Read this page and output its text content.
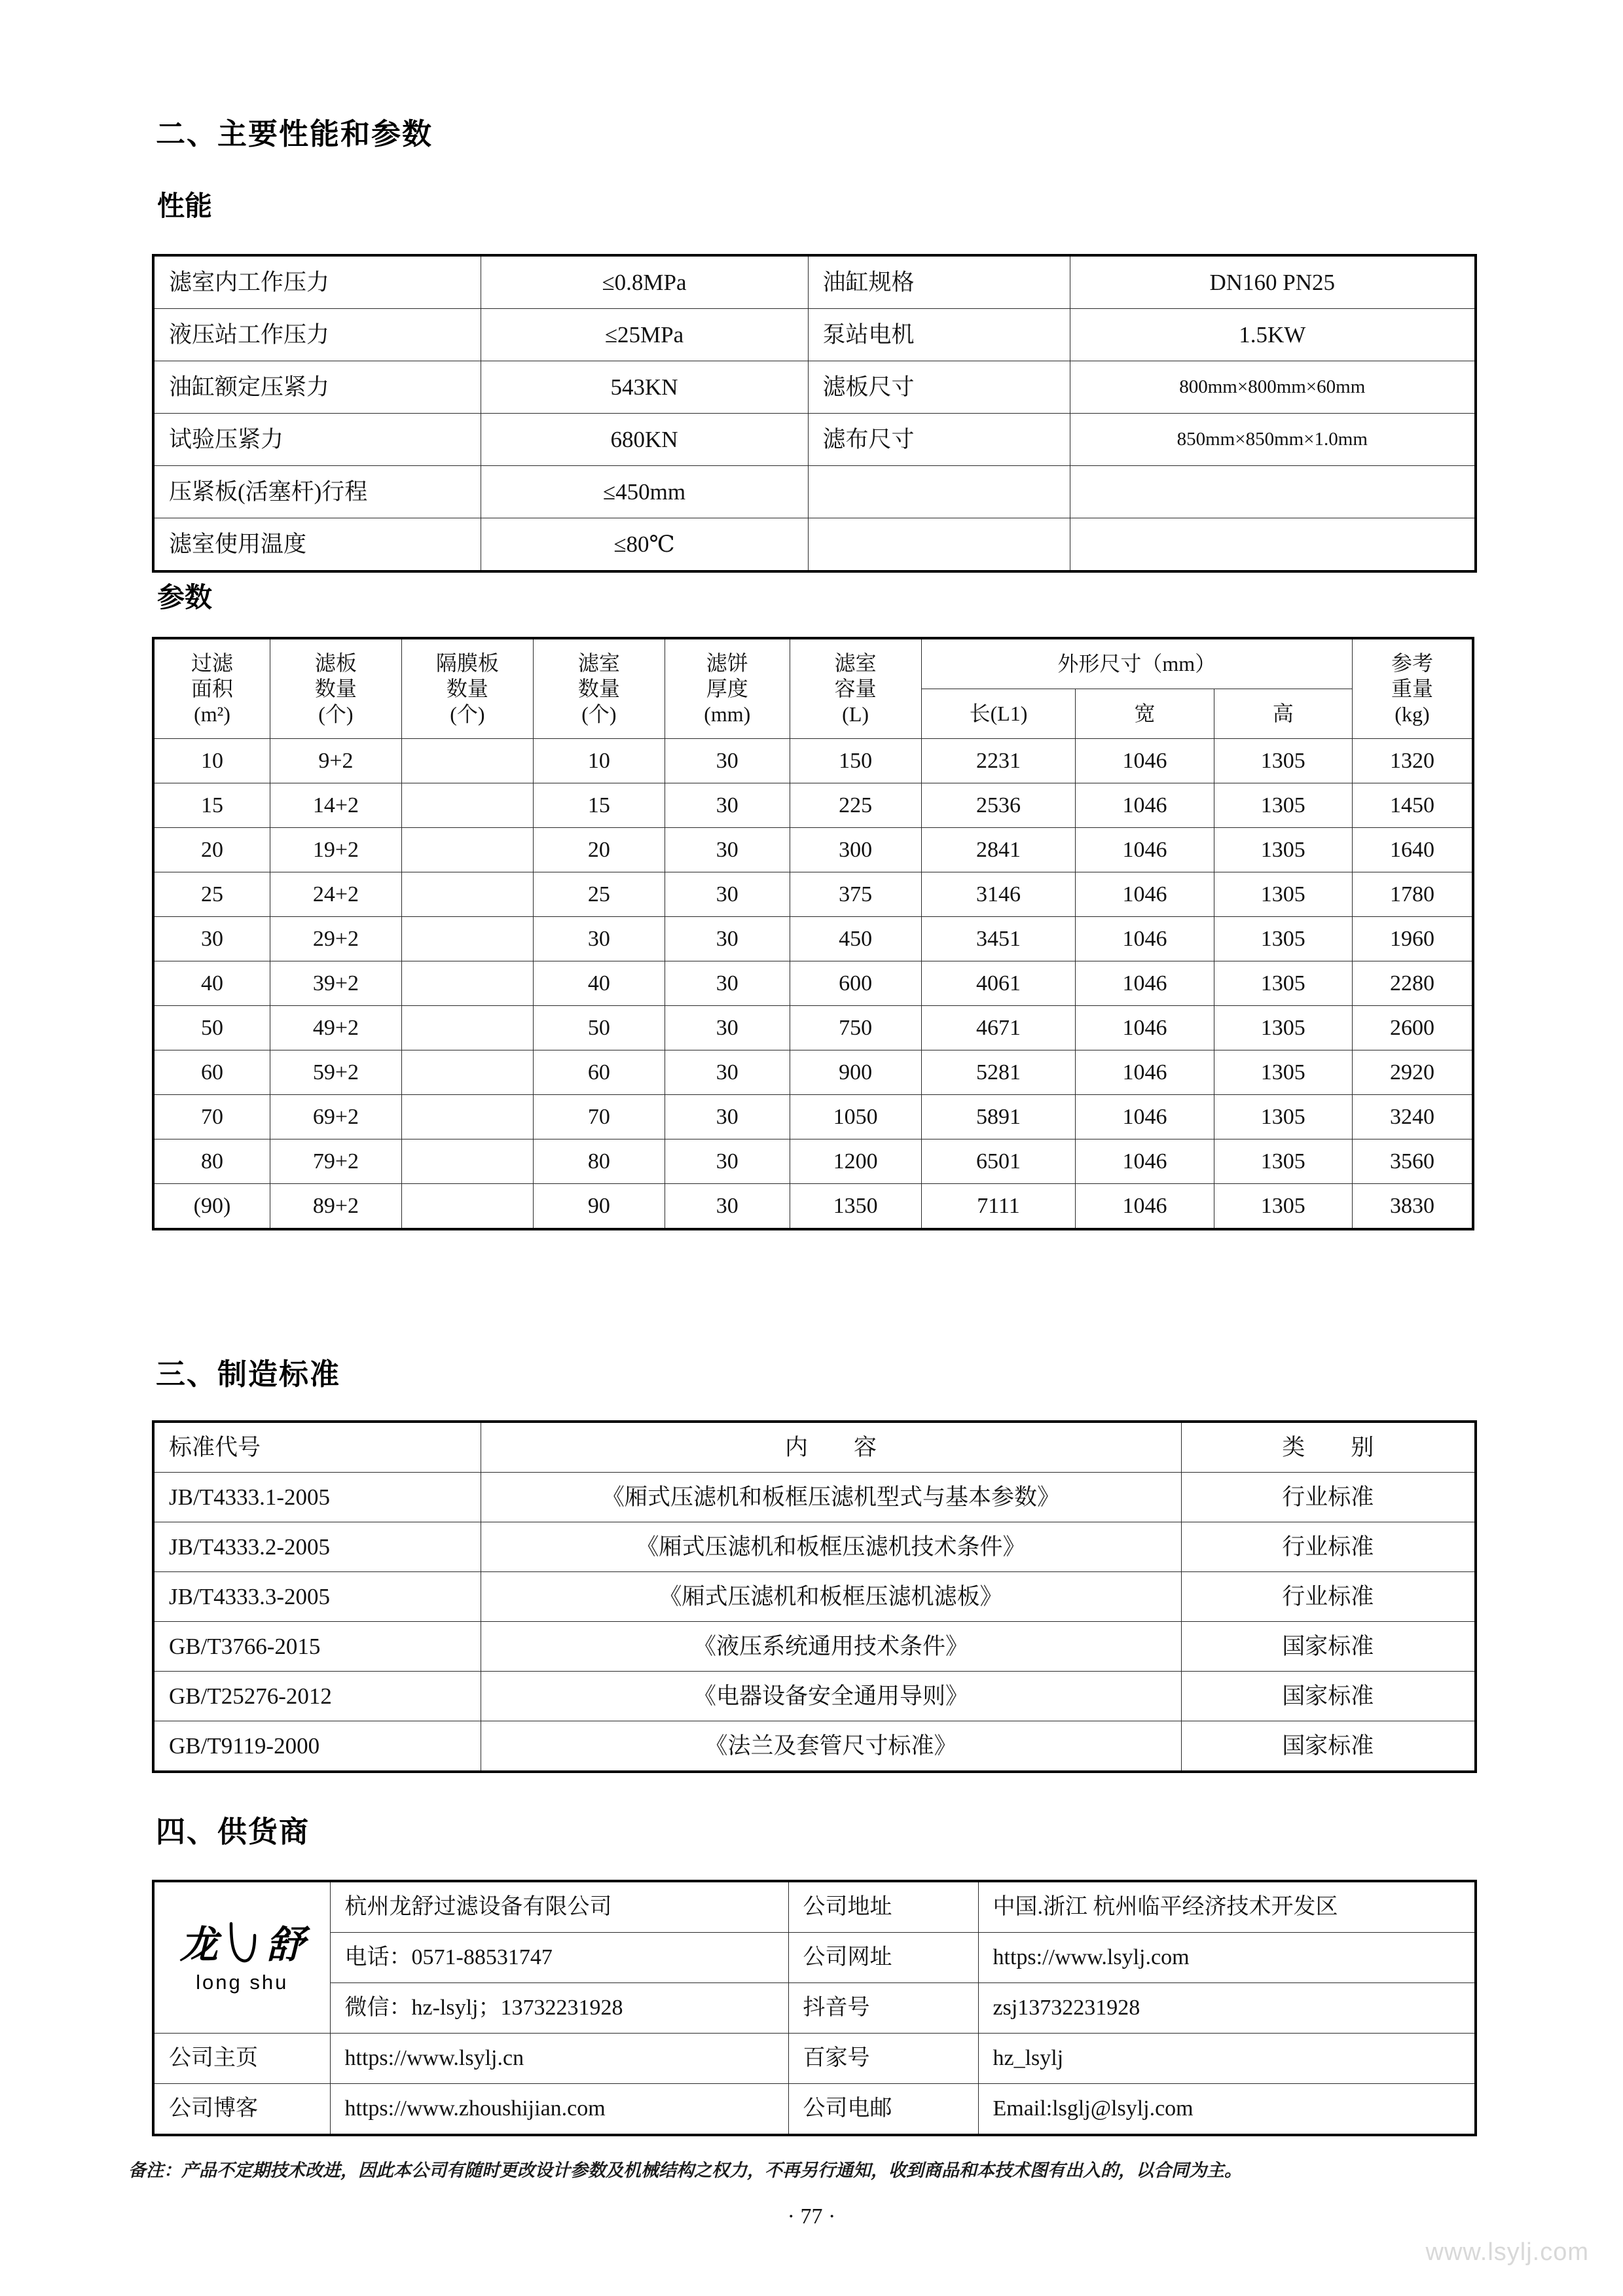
二、主要性能和参数
性能
滤室内工作压力	≤0.8MPa	油缸规格	DN160 PN25
液压站工作压力	≤25MPa	泵站电机	1.5KW
油缸额定压紧力	543KN	滤板尺寸	800mm×800mm×60mm
试验压紧力	680KN	滤布尺寸	850mm×850mm×1.0mm
压紧板(活塞杆)行程	≤450mm		
滤室使用温度	≤80℃		
参数
过滤
面积
(m²)	滤板
数量
(个)	隔膜板
数量
(个)	滤室
数量
(个)	滤饼
厚度
(mm)	滤室
容量
(L)	外形尺寸（mm）			参考
重量
(kg)

						长(L1)	宽	高	
10	9+2		10	30	150	2231	1046	1305	1320
15	14+2		15	30	225	2536	1046	1305	1450
20	19+2		20	30	300	2841	1046	1305	1640
25	24+2		25	30	375	3146	1046	1305	1780
30	29+2		30	30	450	3451	1046	1305	1960
40	39+2		40	30	600	4061	1046	1305	2280
50	49+2		50	30	750	4671	1046	1305	2600
60	59+2		60	30	900	5281	1046	1305	2920
70	69+2		70	30	1050	5891	1046	1305	3240
80	79+2		80	30	1200	6501	1046	1305	3560
(90)	89+2		90	30	1350	7111	1046	1305	3830
三、制造标准
标准代号	内　　容	类　　别
JB/T4333.1-2005	《厢式压滤机和板框压滤机型式与基本参数》	行业标准
JB/T4333.2-2005	《厢式压滤机和板框压滤机技术条件》	行业标准
JB/T4333.3-2005	《厢式压滤机和板框压滤机滤板》	行业标准
GB/T3766-2015	《液压系统通用技术条件》	国家标准
GB/T25276-2012	《电器设备安全通用导则》	国家标准
GB/T9119-2000	《法兰及套管尺寸标准》	国家标准
四、供货商
龙 舒
long shu	杭州龙舒过滤设备有限公司	公司地址	中国.浙江 杭州临平经济技术开发区
	电话：0571-88531747	公司网址	https://www.lsylj.com
	微信：hz-lsylj；13732231928	抖音号	zsj13732231928
公司主页	https://www.lsylj.cn	百家号	hz_lsylj
公司博客	https://www.zhoushijian.com	公司电邮	Email:lsglj@lsylj.com
备注：产品不定期技术改进，因此本公司有随时更改设计参数及机械结构之权力，不再另行通知，收到商品和本技术图有出入的，以合同为主。
· 77 ·
www.lsylj.com
